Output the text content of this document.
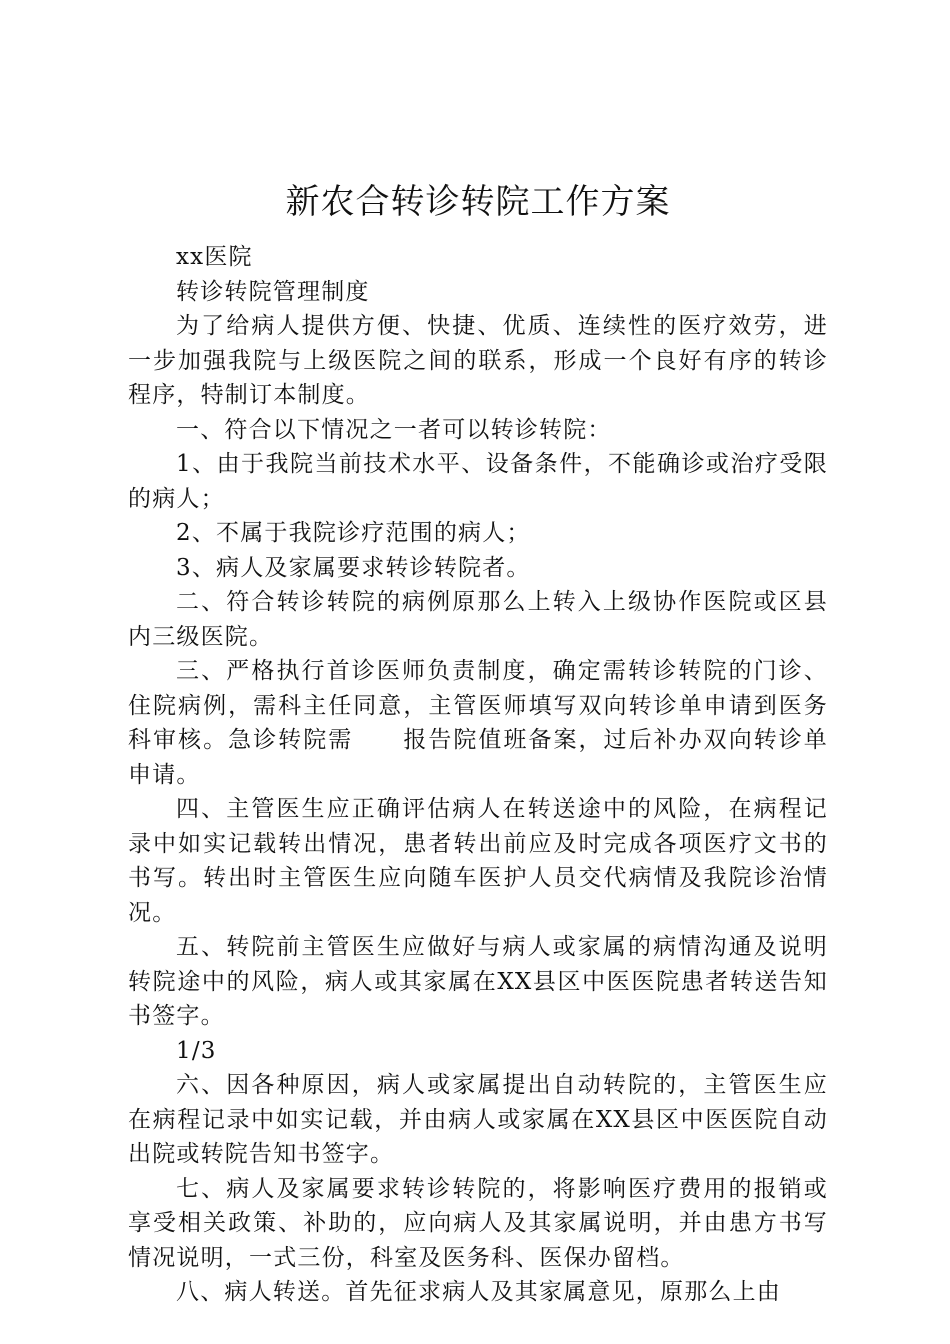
新农合转诊转院工作方案

xx医院

转诊转院管理制度

为了给病人提供方便、快捷、优质、连续性的医疗效劳，进一步加强我院与上级医院之间的联系，形成一个良好有序的转诊程序，特制订本制度。

一、符合以下情况之一者可以转诊转院：

1、由于我院当前技术水平、设备条件，不能确诊或治疗受限的病人；

2、不属于我院诊疗范围的病人；

3、病人及家属要求转诊转院者。

二、符合转诊转院的病例原那么上转入上级协作医院或区县内三级医院。

三、严格执行首诊医师负责制度，确定需转诊转院的门诊、住院病例，需科主任同意，主管医师填写双向转诊单申请到医务科审核。急诊转院需　　报告院值班备案，过后补办双向转诊单申请。

四、主管医生应正确评估病人在转送途中的风险，在病程记录中如实记载转出情况，患者转出前应及时完成各项医疗文书的书写。转出时主管医生应向随车医护人员交代病情及我院诊治情况。

五、转院前主管医生应做好与病人或家属的病情沟通及说明转院途中的风险，病人或其家属在XX县区中医医院患者转送告知书签字。

1/3

六、因各种原因，病人或家属提出自动转院的，主管医生应在病程记录中如实记载，并由病人或家属在XX县区中医医院自动出院或转院告知书签字。

七、病人及家属要求转诊转院的，将影响医疗费用的报销或享受相关政策、补助的，应向病人及其家属说明，并由患方书写情况说明，一式三份，科室及医务科、医保办留档。

八、病人转送。首先征求病人及其家属意见，原那么上由
